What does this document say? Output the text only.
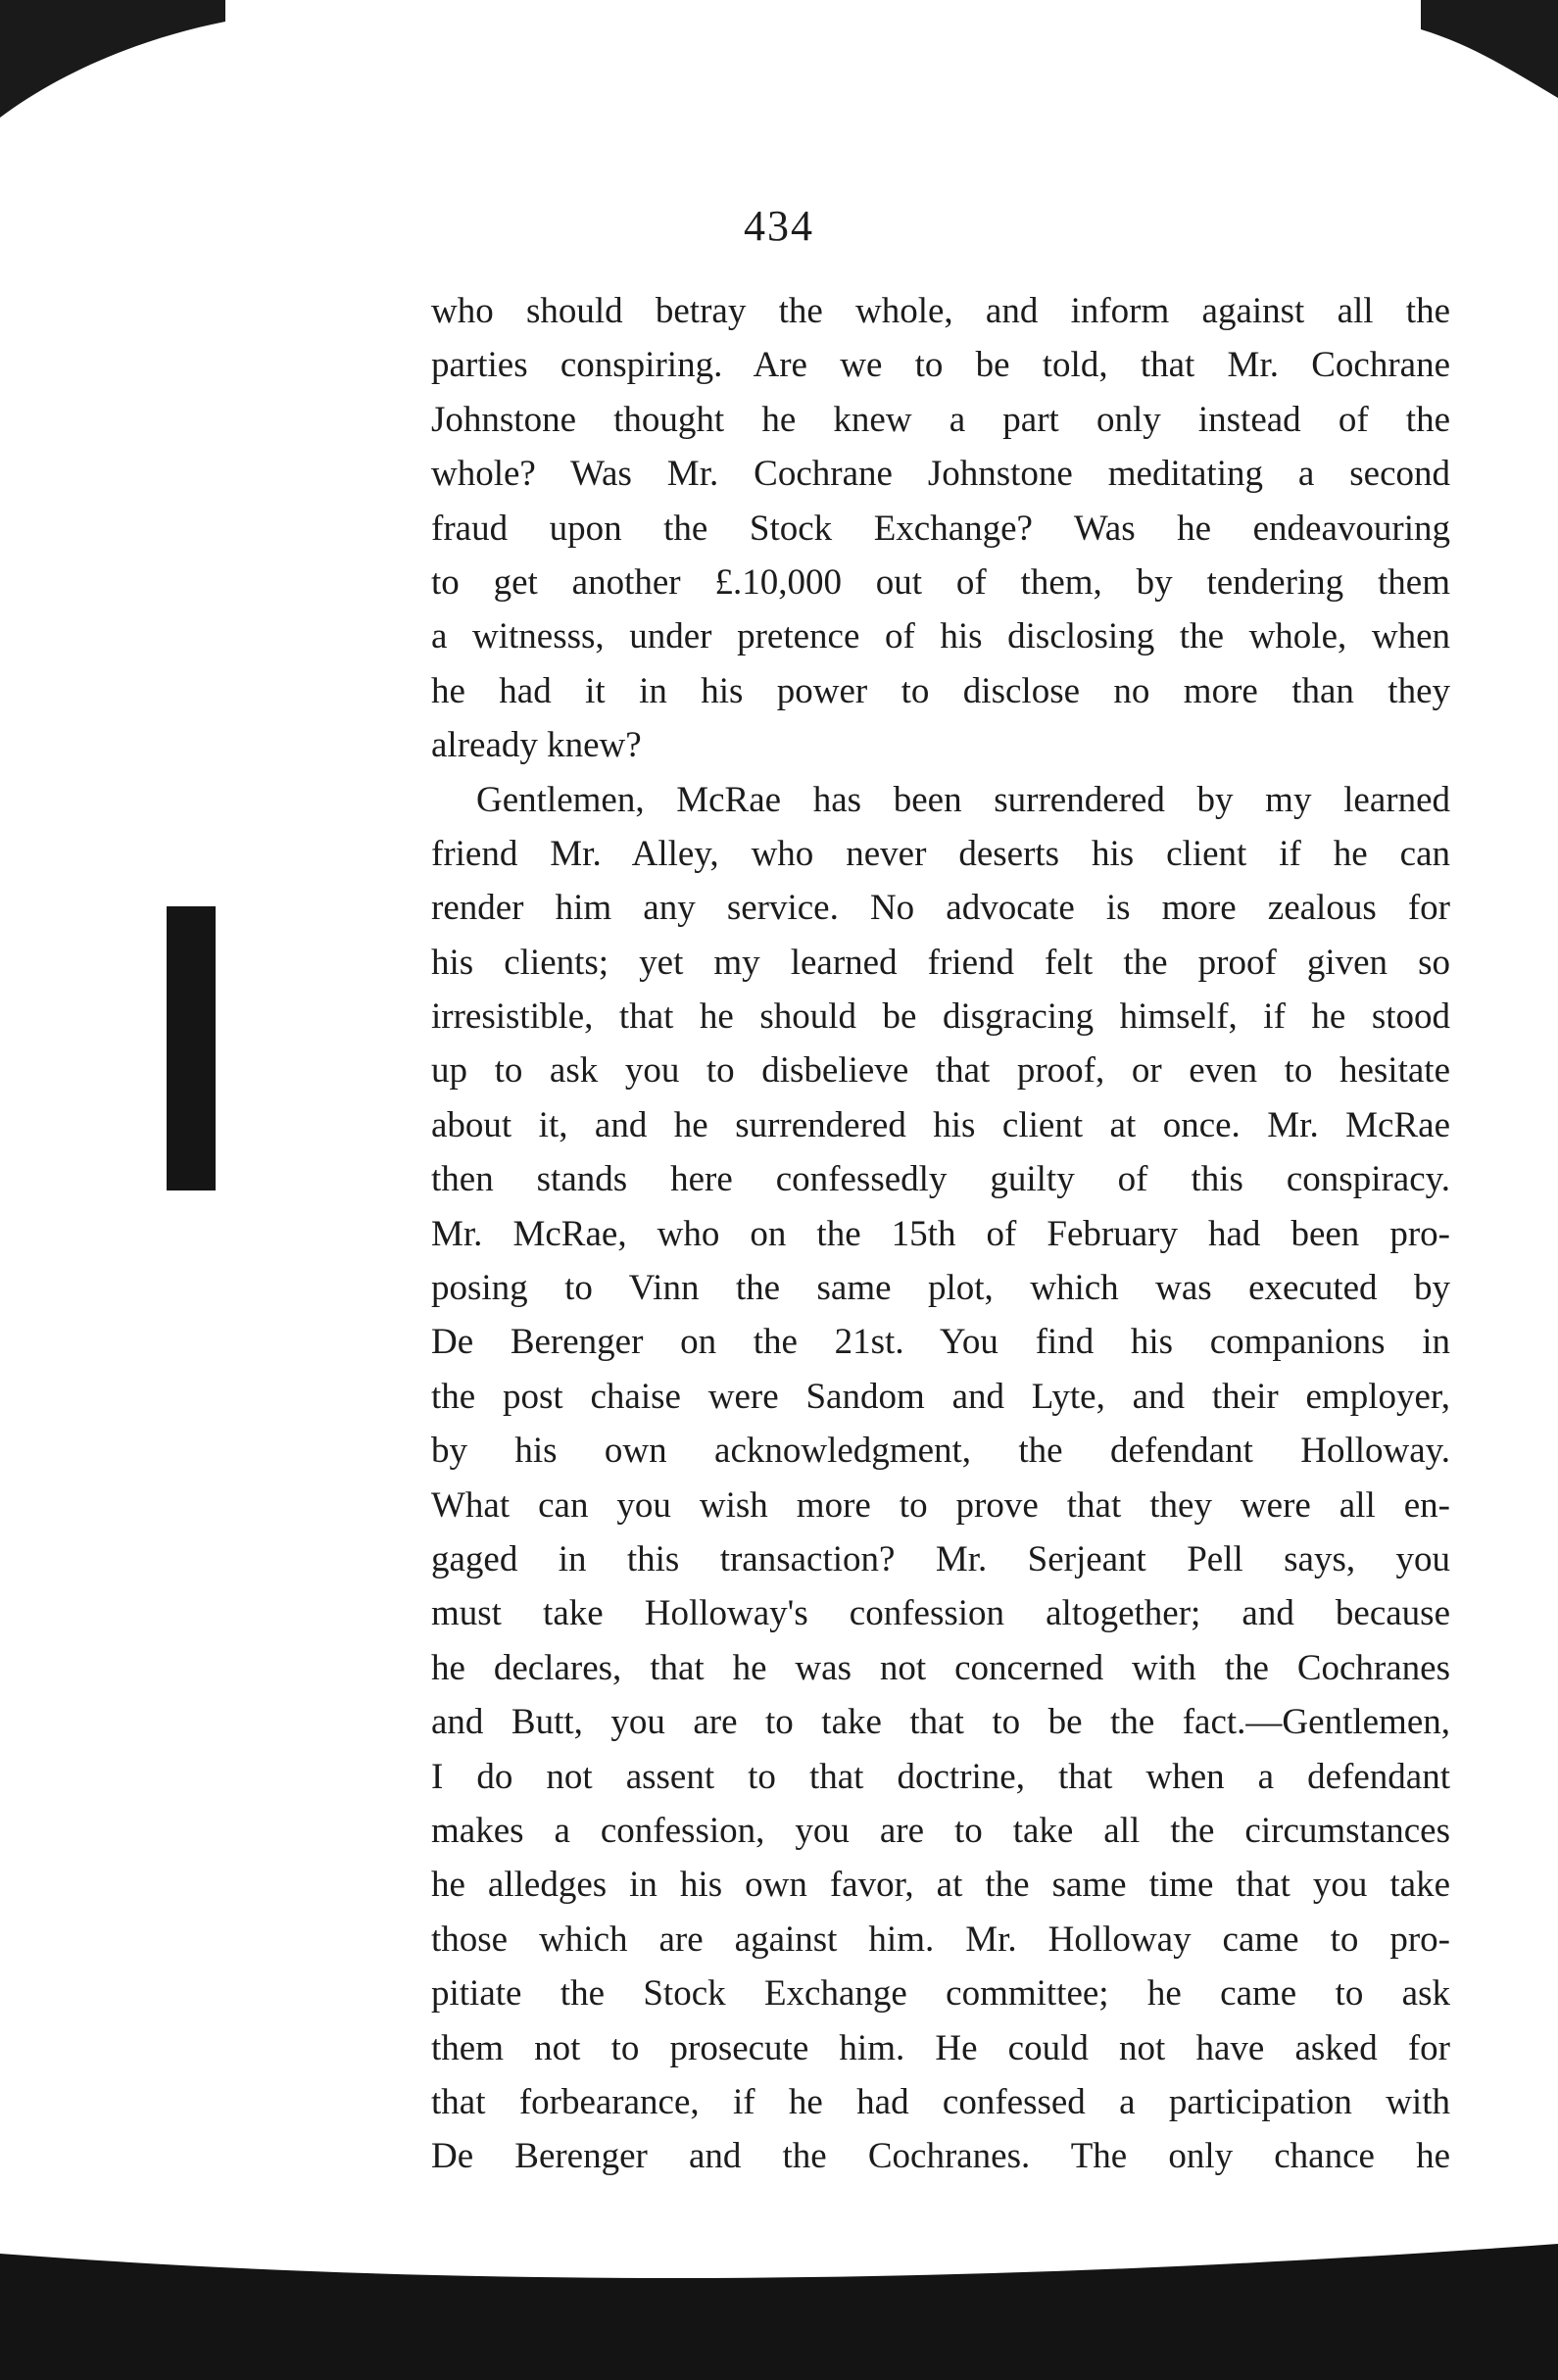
434
who should betray the whole, and inform against all the
parties conspiring. Are we to be told, that Mr. Cochrane
Johnstone thought he knew a part only instead of the
whole? Was Mr. Cochrane Johnstone meditating a second
fraud upon the Stock Exchange? Was he endeavouring
to get another £.10,000 out of them, by tendering them
a witnesss, under pretence of his disclosing the whole, when
he had it in his power to disclose no more than they
already knew?
Gentlemen, McRae has been surrendered by my learned
friend Mr. Alley, who never deserts his client if he can
render him any service. No advocate is more zealous for
his clients; yet my learned friend felt the proof given so
irresistible, that he should be disgracing himself, if he stood
up to ask you to disbelieve that proof, or even to hesitate
about it, and he surrendered his client at once. Mr. McRae
then stands here confessedly guilty of this conspiracy.
Mr. McRae, who on the 15th of February had been pro-
posing to Vinn the same plot, which was executed by
De Berenger on the 21st. You find his companions in
the post chaise were Sandom and Lyte, and their employer,
by his own acknowledgment, the defendant Holloway.
What can you wish more to prove that they were all en-
gaged in this transaction? Mr. Serjeant Pell says, you
must take Holloway's confession altogether; and because
he declares, that he was not concerned with the Cochranes
and Butt, you are to take that to be the fact.—Gentlemen,
I do not assent to that doctrine, that when a defendant
makes a confession, you are to take all the circumstances
he alledges in his own favor, at the same time that you take
those which are against him. Mr. Holloway came to pro-
pitiate the Stock Exchange committee; he came to ask
them not to prosecute him. He could not have asked for
that forbearance, if he had confessed a participation with
De Berenger and the Cochranes. The only chance he
